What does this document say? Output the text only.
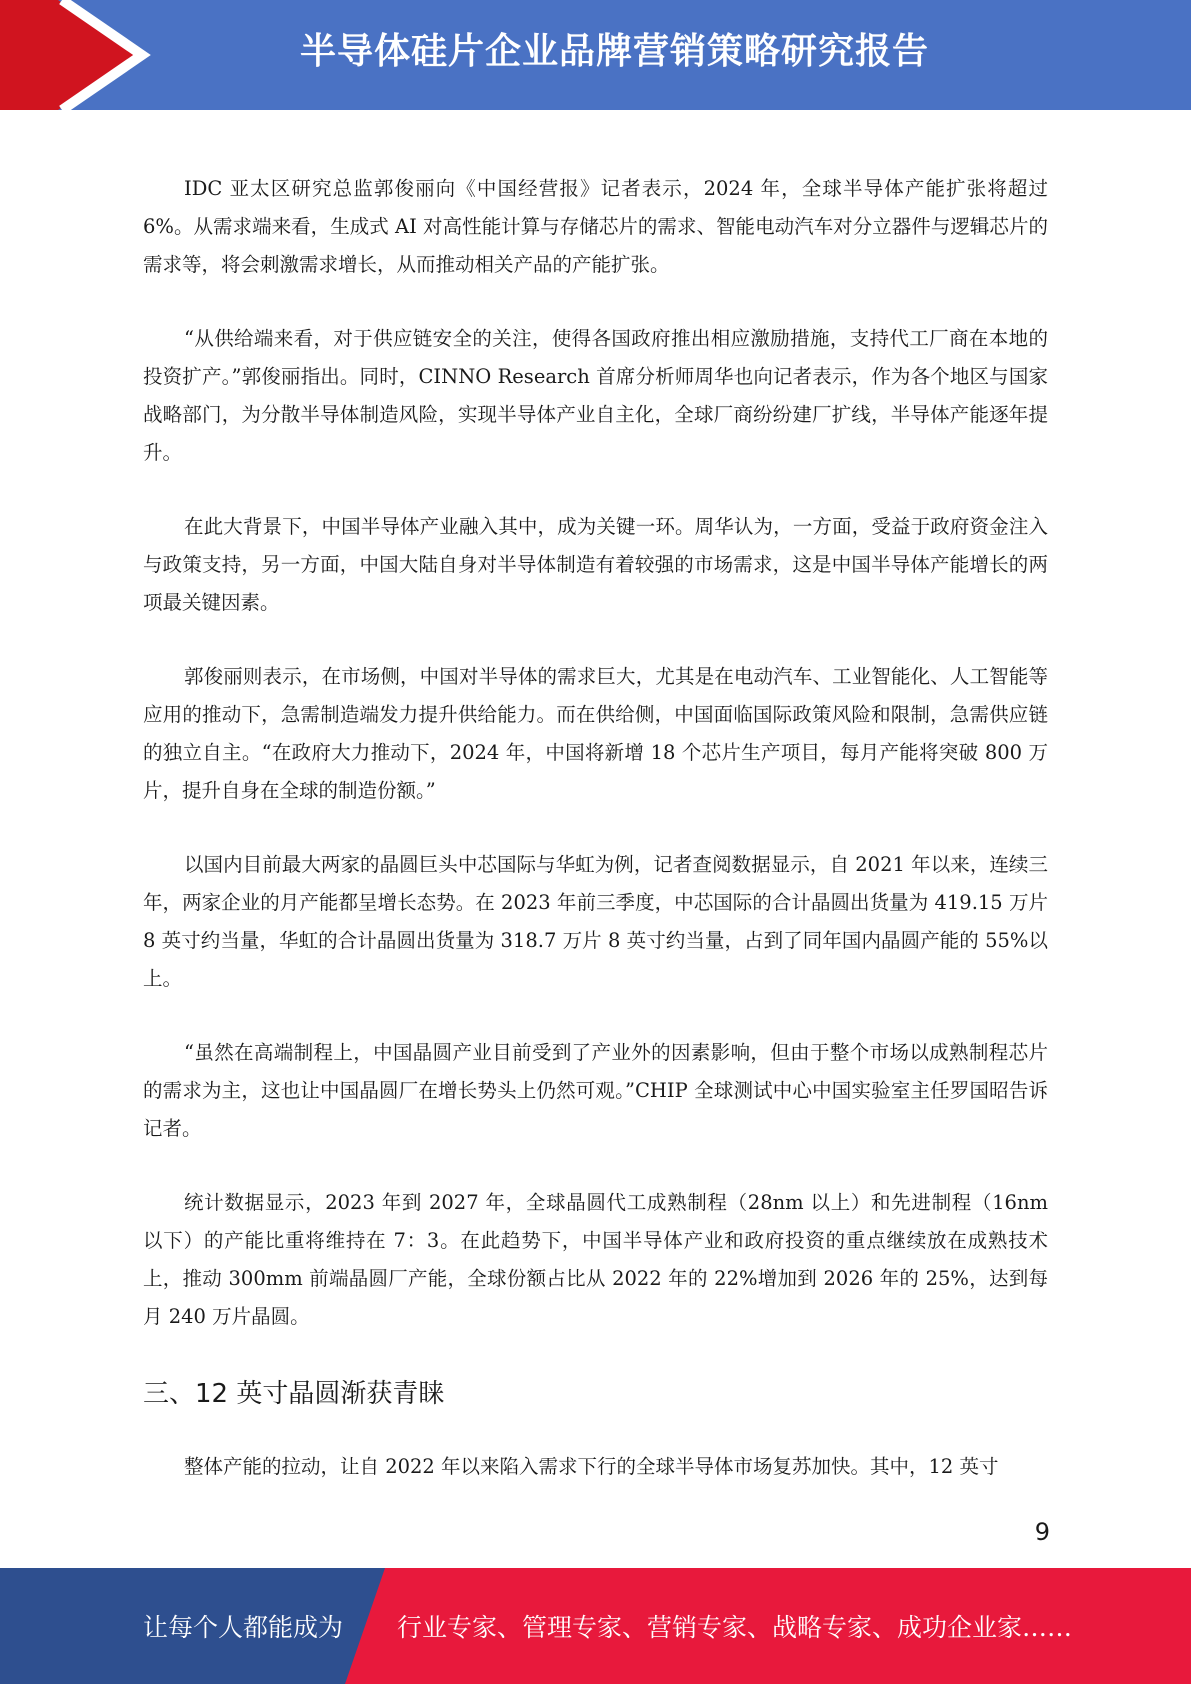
半导体硅片企业品牌营销策略研究报告

IDC 亚太区研究总监郭俊丽向《中国经营报》记者表示，2024 年，全球半导体产能扩张将超过 6%。从需求端来看，生成式 AI 对高性能计算与存储芯片的需求、智能电动汽车对分立器件与逻辑芯片的需求等，将会刺激需求增长，从而推动相关产品的产能扩张。

“从供给端来看，对于供应链安全的关注，使得各国政府推出相应激励措施，支持代工厂商在本地的投资扩产。”郭俊丽指出。同时，CINNO Research 首席分析师周华也向记者表示，作为各个地区与国家战略部门，为分散半导体制造风险，实现半导体产业自主化，全球厂商纷纷建厂扩线，半导体产能逐年提升。

在此大背景下，中国半导体产业融入其中，成为关键一环。周华认为，一方面，受益于政府资金注入与政策支持，另一方面，中国大陆自身对半导体制造有着较强的市场需求，这是中国半导体产能增长的两项最关键因素。

郭俊丽则表示，在市场侧，中国对半导体的需求巨大，尤其是在电动汽车、工业智能化、人工智能等应用的推动下，急需制造端发力提升供给能力。而在供给侧，中国面临国际政策风险和限制，急需供应链的独立自主。“在政府大力推动下，2024 年，中国将新增 18 个芯片生产项目，每月产能将突破 800 万片，提升自身在全球的制造份额。”

以国内目前最大两家的晶圆巨头中芯国际与华虹为例，记者查阅数据显示，自 2021 年以来，连续三年，两家企业的月产能都呈增长态势。在 2023 年前三季度，中芯国际的合计晶圆出货量为 419.15 万片 8 英寸约当量，华虹的合计晶圆出货量为 318.7 万片 8 英寸约当量，占到了同年国内晶圆产能的 55%以上。

“虽然在高端制程上，中国晶圆产业目前受到了产业外的因素影响，但由于整个市场以成熟制程芯片的需求为主，这也让中国晶圆厂在增长势头上仍然可观。”CHIP 全球测试中心中国实验室主任罗国昭告诉记者。

统计数据显示，2023 年到 2027 年，全球晶圆代工成熟制程（28nm 以上）和先进制程（16nm 以下）的产能比重将维持在 7：3。在此趋势下，中国半导体产业和政府投资的重点继续放在成熟技术上，推动 300mm 前端晶圆厂产能，全球份额占比从 2022 年的 22%增加到 2026 年的 25%，达到每月 240 万片晶圆。

三、12 英寸晶圆渐获青睐

整体产能的拉动，让自 2022 年以来陷入需求下行的全球半导体市场复苏加快。其中，12 英寸

9
让每个人都能成为 行业专家、管理专家、营销专家、战略专家、成功企业家……
